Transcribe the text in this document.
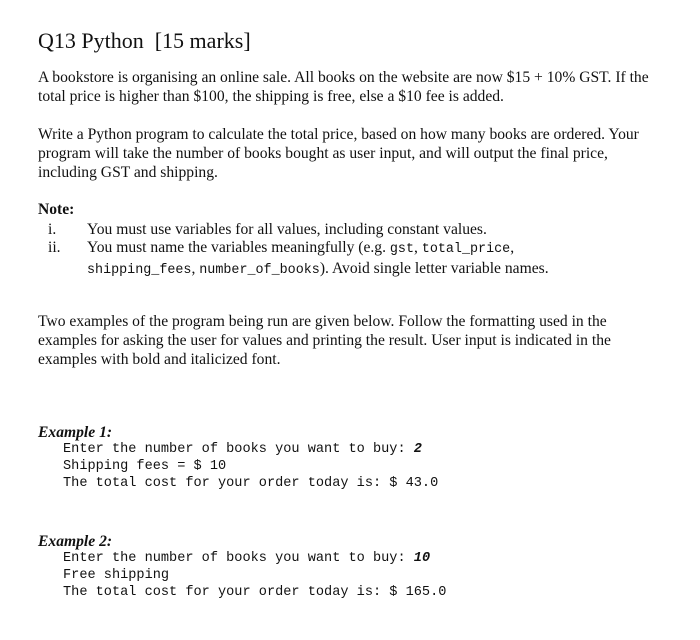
Q13 Python  [15 marks]
A bookstore is organising an online sale. All books on the website are now $15 + 10% GST. If the total price is higher than $100, the shipping is free, else a $10 fee is added.
Write a Python program to calculate the total price, based on how many books are ordered. Your program will take the number of books bought as user input, and will output the final price, including GST and shipping.
Note:
i.	You must use variables for all values, including constant values.
ii.	You must name the variables meaningfully (e.g. gst, total_price,
shipping_fees, number_of_books). Avoid single letter variable names.
Two examples of the program being run are given below. Follow the formatting used in the examples for asking the user for values and printing the result. User input is indicated in the examples with bold and italicized font.
Example 1:
Enter the number of books you want to buy: 2
Shipping fees = $ 10
The total cost for your order today is: $ 43.0
Example 2:
Enter the number of books you want to buy: 10
Free shipping
The total cost for your order today is: $ 165.0
